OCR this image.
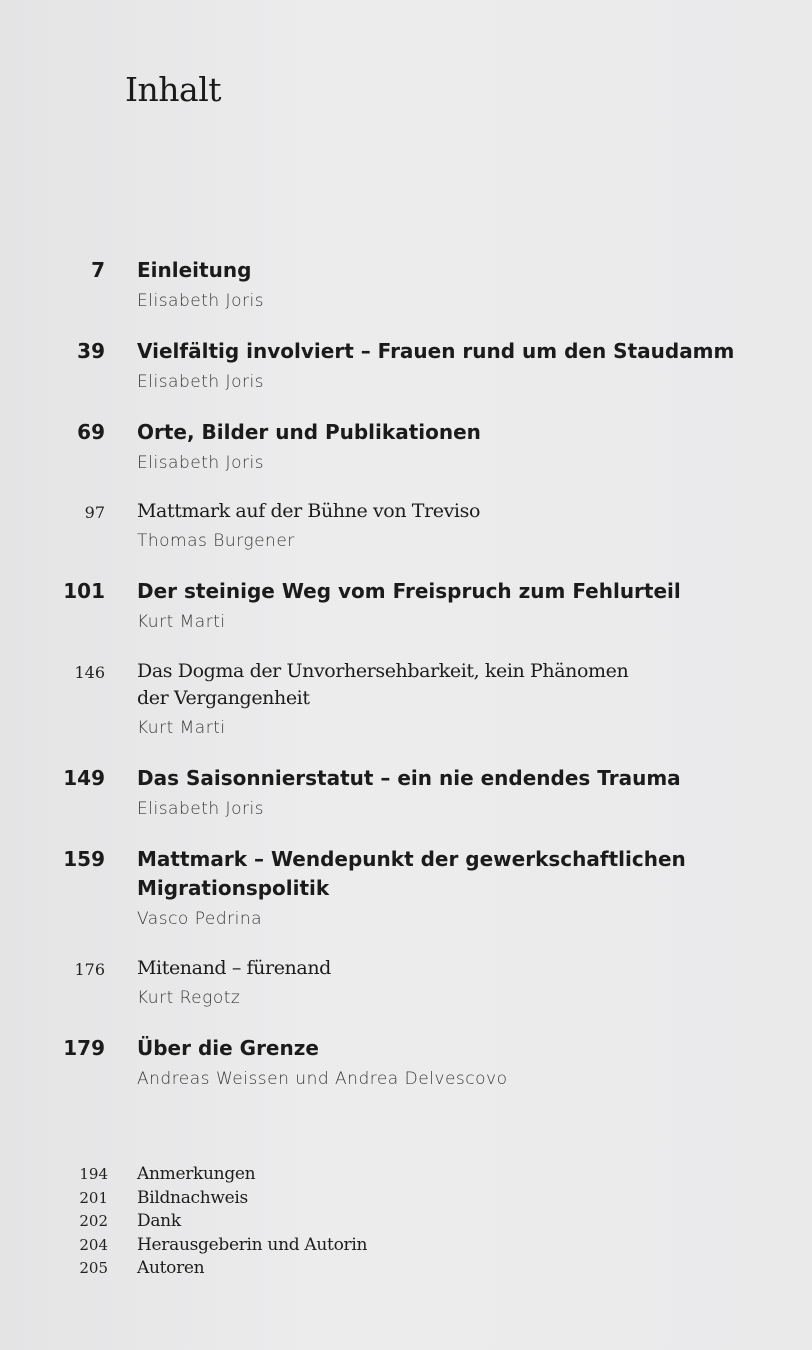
Inhalt
7 Einleitung
Elisabeth Joris
39 Vielfältig involviert – Frauen rund um den Staudamm
Elisabeth Joris
69 Orte, Bilder und Publikationen
Elisabeth Joris
97 Mattmark auf der Bühne von Treviso
Thomas Burgener
101 Der steinige Weg vom Freispruch zum Fehlurteil
Kurt Marti
146 Das Dogma der Unvorhersehbarkeit, kein Phänomen
der Vergangenheit
Kurt Marti
149 Das Saisonnierstatut – ein nie endendes Trauma
Elisabeth Joris
159 Mattmark – Wendepunkt der gewerkschaftlichen
Migrationspolitik
Vasco Pedrina
176 Mitenand – fürenand
Kurt Regotz
179 Über die Grenze
Andreas Weissen und Andrea Delvescovo
194 Anmerkungen
201 Bildnachweis
202 Dank
204 Herausgeberin und Autorin
205 Autoren
